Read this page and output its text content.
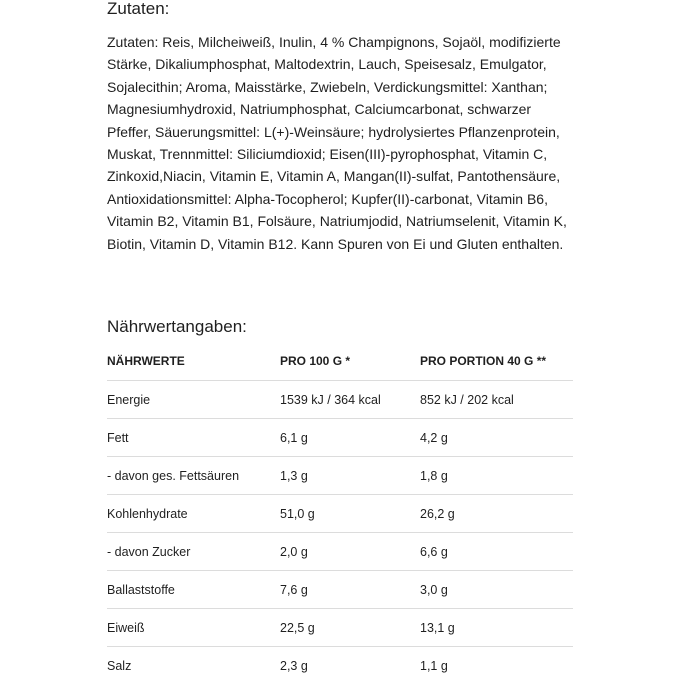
Zutaten:

Zutaten: Reis, Milcheiweiß, Inulin, 4 % Champignons, Sojaöl, modifizierte Stärke, Dikaliumphosphat, Maltodextrin, Lauch, Speisesalz, Emulgator, Sojalecithin; Aroma, Maisstärke, Zwiebeln, Verdickungsmittel: Xanthan; Magnesiumhydroxid, Natriumphosphat, Calciumcarbonat, schwarzer Pfeffer, Säuerungsmittel: L(+)-Weinsäure; hydrolysiertes Pflanzenprotein, Muskat, Trennmittel: Siliciumdioxid; Eisen(III)-pyrophosphat, Vitamin C, Zinkoxid,Niacin, Vitamin E, Vitamin A, Mangan(II)-sulfat, Pantothensäure, Antioxidationsmittel: Alpha-Tocopherol; Kupfer(II)-carbonat, Vitamin B6, Vitamin B2, Vitamin B1, Folsäure, Natriumjodid, Natriumselenit, Vitamin K, Biotin, Vitamin D, Vitamin B12. Kann Spuren von Ei und Gluten enthalten.

Nährwertangaben:
NÄHRWERTE	PRO 100 G *	PRO PORTION 40 G **
Energie	1539 kJ / 364 kcal	852 kJ / 202 kcal
Fett	6,1 g	4,2 g
- davon ges. Fettsäuren	1,3 g	1,8 g
Kohlenhydrate	51,0 g	26,2 g
- davon Zucker	2,0 g	6,6 g
Ballaststoffe	7,6 g	3,0 g
Eiweiß	22,5 g	13,1 g
Salz	2,3 g	1,1 g
